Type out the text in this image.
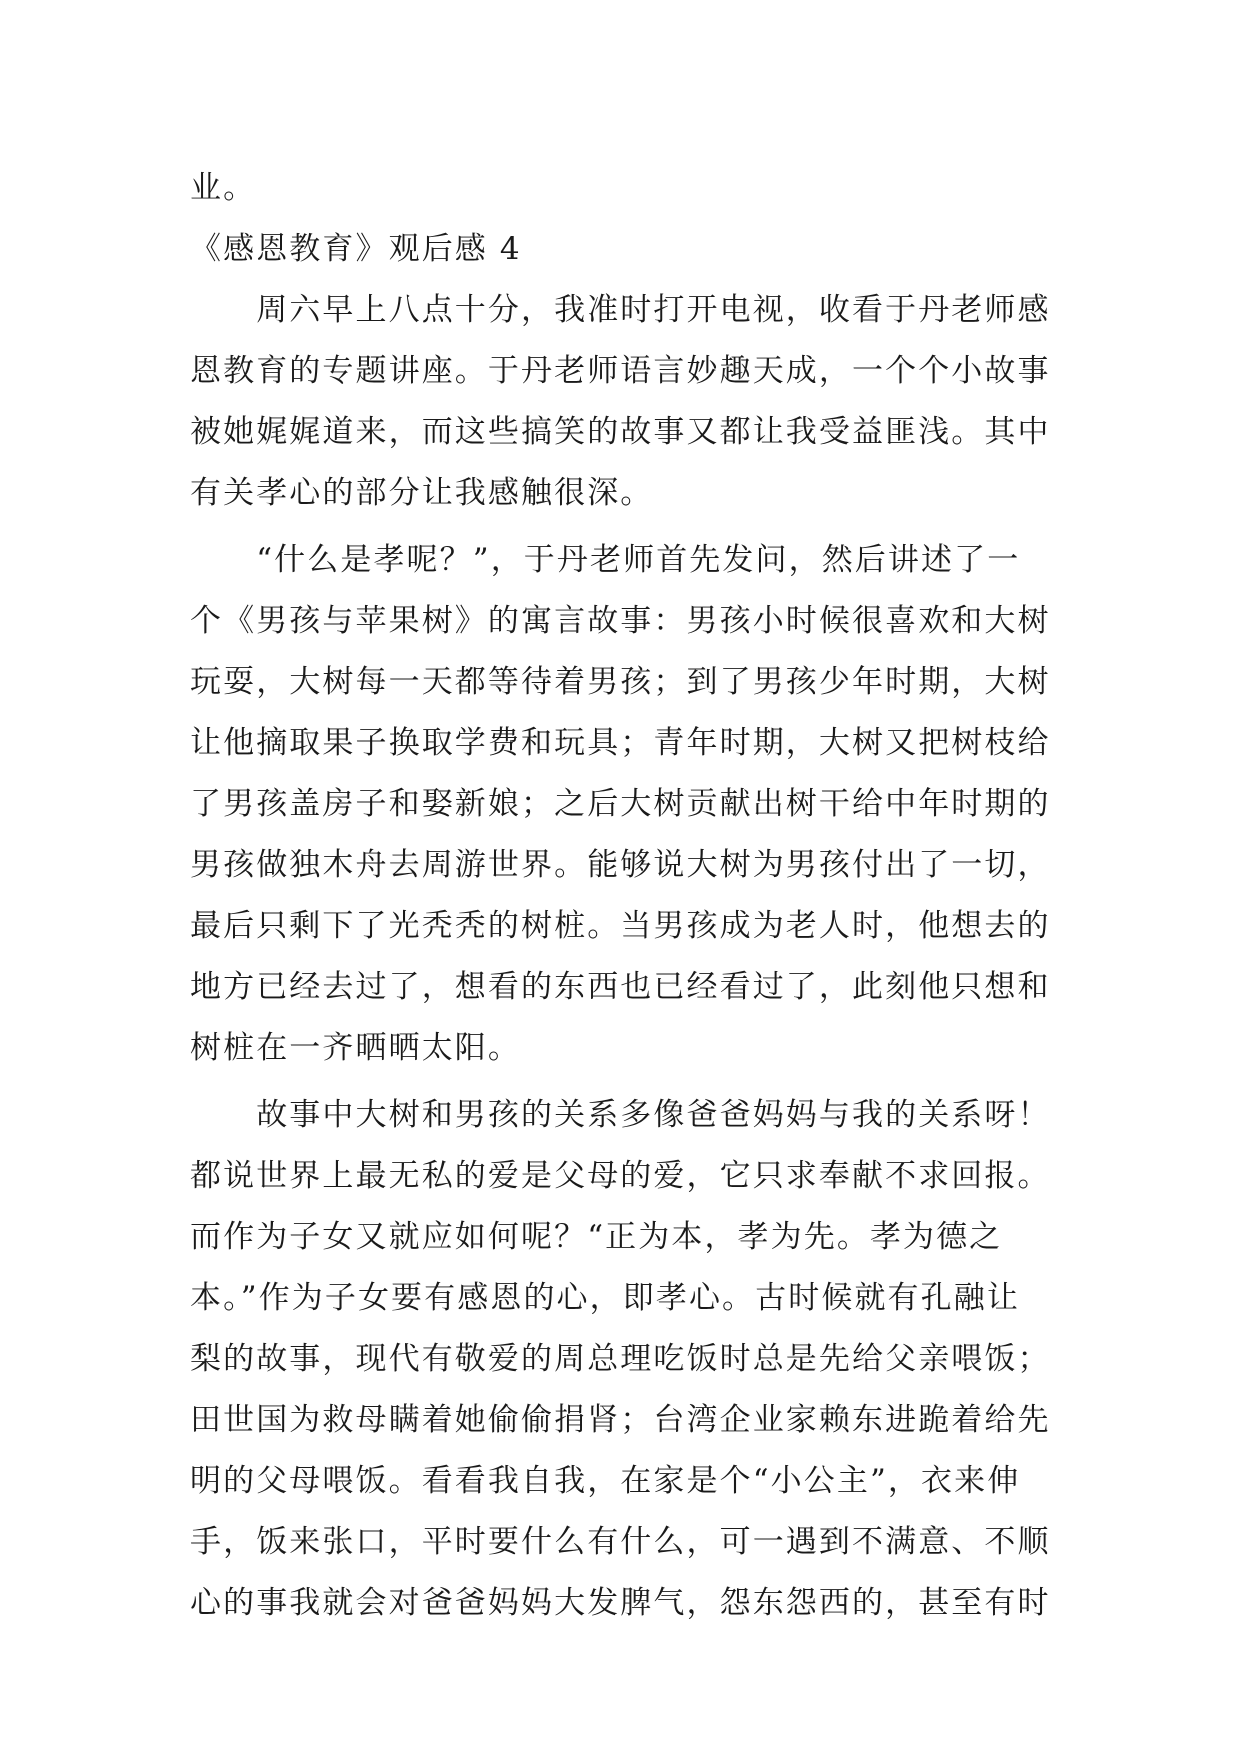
业。
《感恩教育》观后感 4
　　周六早上八点十分，我准时打开电视，收看于丹老师感
恩教育的专题讲座。于丹老师语言妙趣天成，一个个小故事
被她娓娓道来，而这些搞笑的故事又都让我受益匪浅。其中
有关孝心的部分让我感触很深。
　　“什么是孝呢？”，于丹老师首先发问，然后讲述了一
个《男孩与苹果树》的寓言故事：男孩小时候很喜欢和大树
玩耍，大树每一天都等待着男孩；到了男孩少年时期，大树
让他摘取果子换取学费和玩具；青年时期，大树又把树枝给
了男孩盖房子和娶新娘；之后大树贡献出树干给中年时期的
男孩做独木舟去周游世界。能够说大树为男孩付出了一切，
最后只剩下了光秃秃的树桩。当男孩成为老人时，他想去的
地方已经去过了，想看的东西也已经看过了，此刻他只想和
树桩在一齐晒晒太阳。
　　故事中大树和男孩的关系多像爸爸妈妈与我的关系呀！
都说世界上最无私的爱是父母的爱，它只求奉献不求回报。
而作为子女又就应如何呢？“正为本，孝为先。孝为德之
本。”作为子女要有感恩的心，即孝心。古时候就有孔融让
梨的故事，现代有敬爱的周总理吃饭时总是先给父亲喂饭；
田世国为救母瞒着她偷偷捐肾；台湾企业家赖东进跪着给先
明的父母喂饭。看看我自我，在家是个“小公主”，衣来伸
手，饭来张口，平时要什么有什么，可一遇到不满意、不顺
心的事我就会对爸爸妈妈大发脾气，怨东怨西的，甚至有时
